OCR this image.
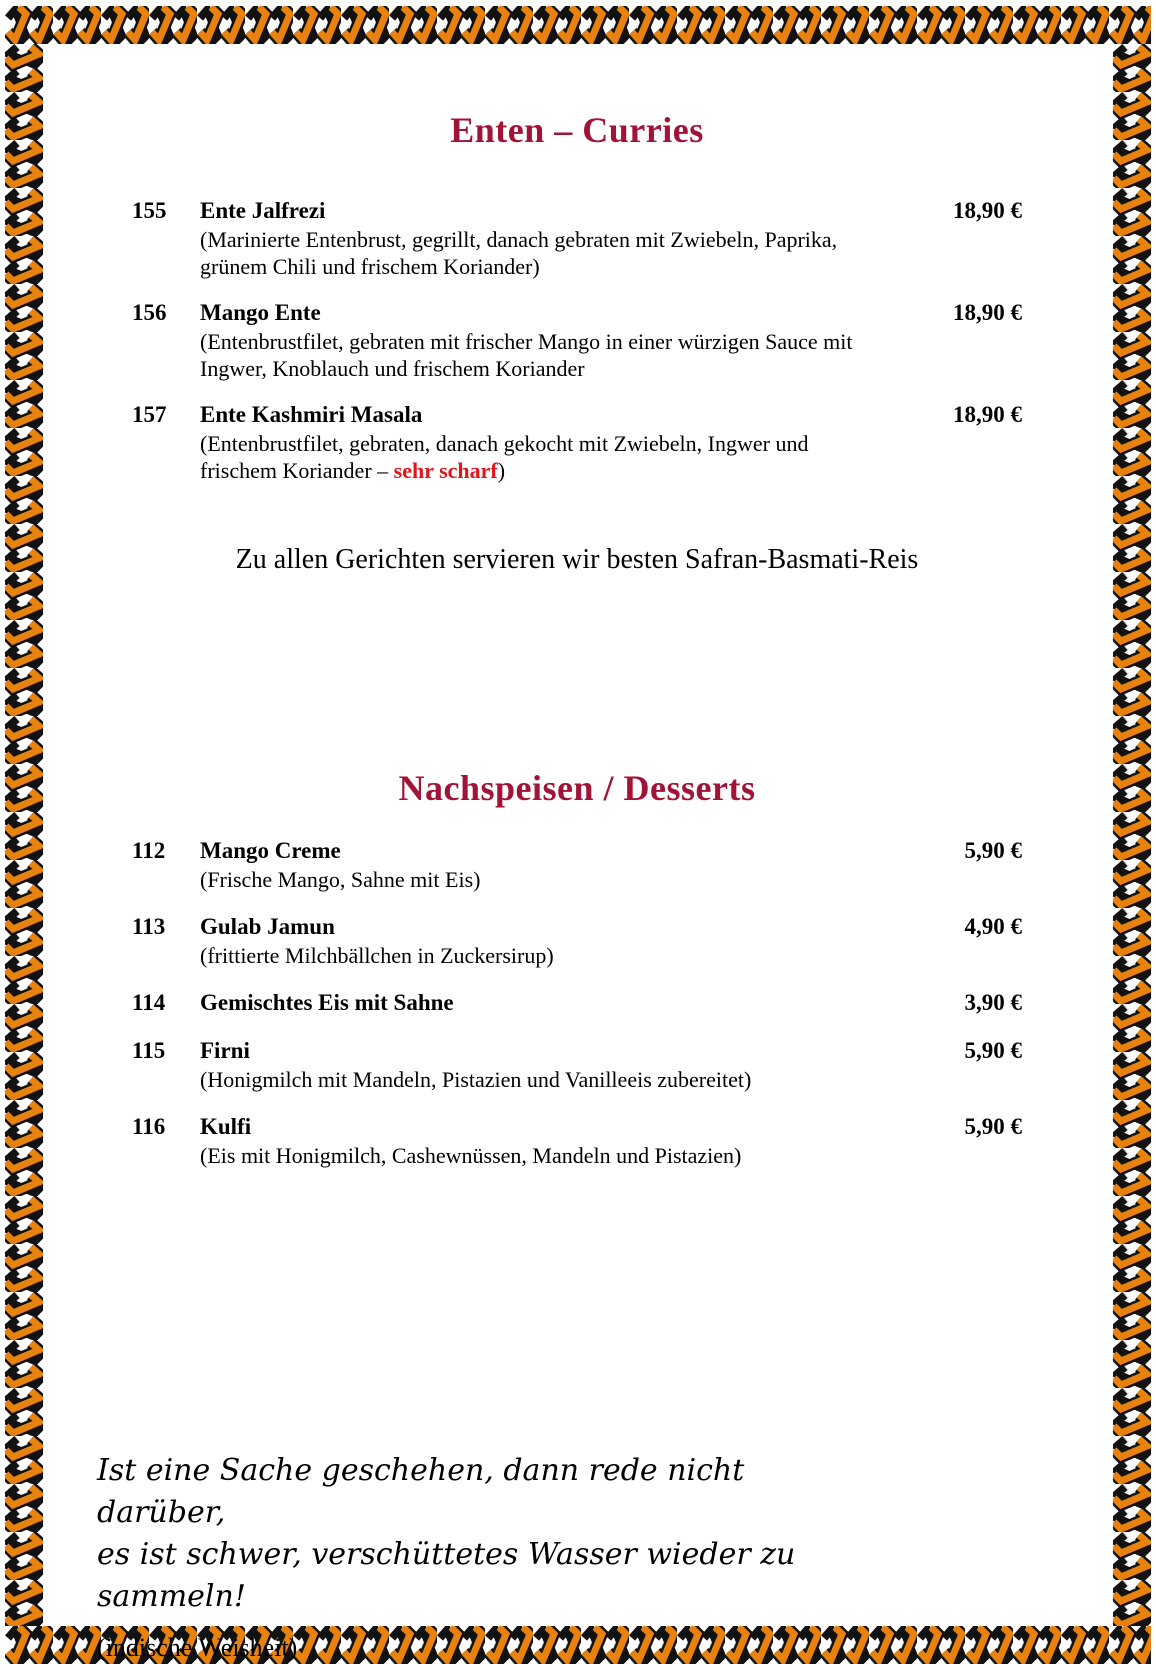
Enten – Curries
155	Ente Jalfrezi	18,90 €
(Marinierte Entenbrust, gegrillt, danach gebraten mit Zwiebeln, Paprika, grünem Chili und frischem Koriander)
156	Mango Ente	18,90 €
(Entenbrustfilet, gebraten mit frischer Mango in einer würzigen Sauce mit Ingwer, Knoblauch und frischem Koriander
157	Ente Kashmiri Masala	18,90 €
(Entenbrustfilet, gebraten, danach gekocht mit Zwiebeln, Ingwer und frischem Koriander – sehr scharf)

Zu allen Gerichten servieren wir besten Safran-Basmati-Reis

Nachspeisen / Desserts
112	Mango Creme	5,90 €
(Frische Mango, Sahne mit Eis)
113	Gulab Jamun	4,90 €
(frittierte Milchbällchen in Zuckersirup)
114	Gemischtes Eis mit Sahne	3,90 €
115	Firni	5,90 €
(Honigmilch mit Mandeln, Pistazien und Vanilleeis zubereitet)
116	Kulfi	5,90 €
(Eis mit Honigmilch, Cashewnüssen, Mandeln und Pistazien)

Ist eine Sache geschehen, dann rede nicht darüber,

es ist schwer, verschüttetes Wasser wieder zu sammeln!

(indische Weisheit)
